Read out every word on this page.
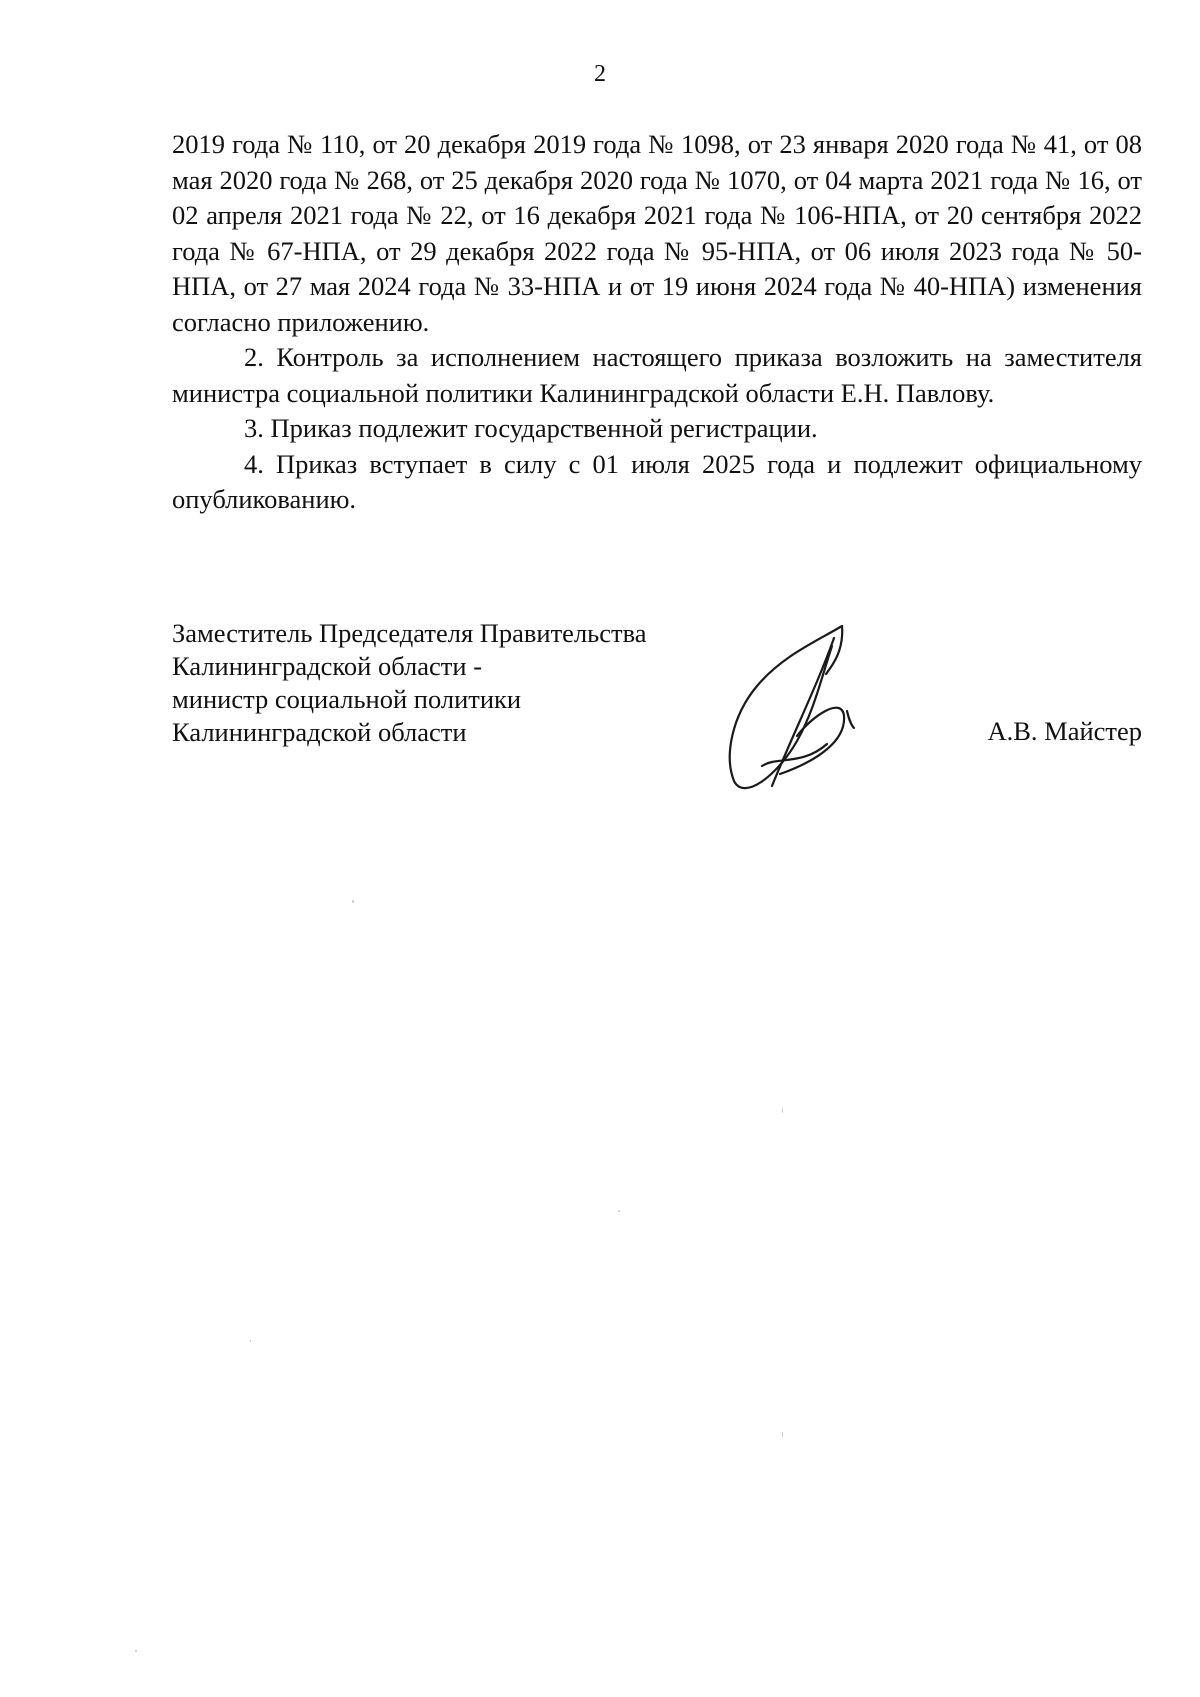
2

2019 года № 110, от 20 декабря 2019 года № 1098, от 23 января 2020 года № 41, от 08 мая 2020 года № 268, от 25 декабря 2020 года № 1070, от 04 марта 2021 года № 16, от 02 апреля 2021 года № 22, от 16 декабря 2021 года № 106-НПА, от 20 сентября 2022 года № 67-НПА, от 29 декабря 2022 года № 95-НПА, от 06 июля 2023 года № 50-НПА, от 27 мая 2024 года № 33-НПА и от 19 июня 2024 года № 40-НПА) изменения согласно приложению.

2. Контроль за исполнением настоящего приказа возложить на заместителя министра социальной политики Калининградской области Е.Н. Павлову.

3. Приказ подлежит государственной регистрации.

4. Приказ вступает в силу с 01 июля 2025 года и подлежит официальному опубликованию.

Заместитель Председателя Правительства
Калининградской области -
министр социальной политики
Калининградской области	А.В. Майстер
